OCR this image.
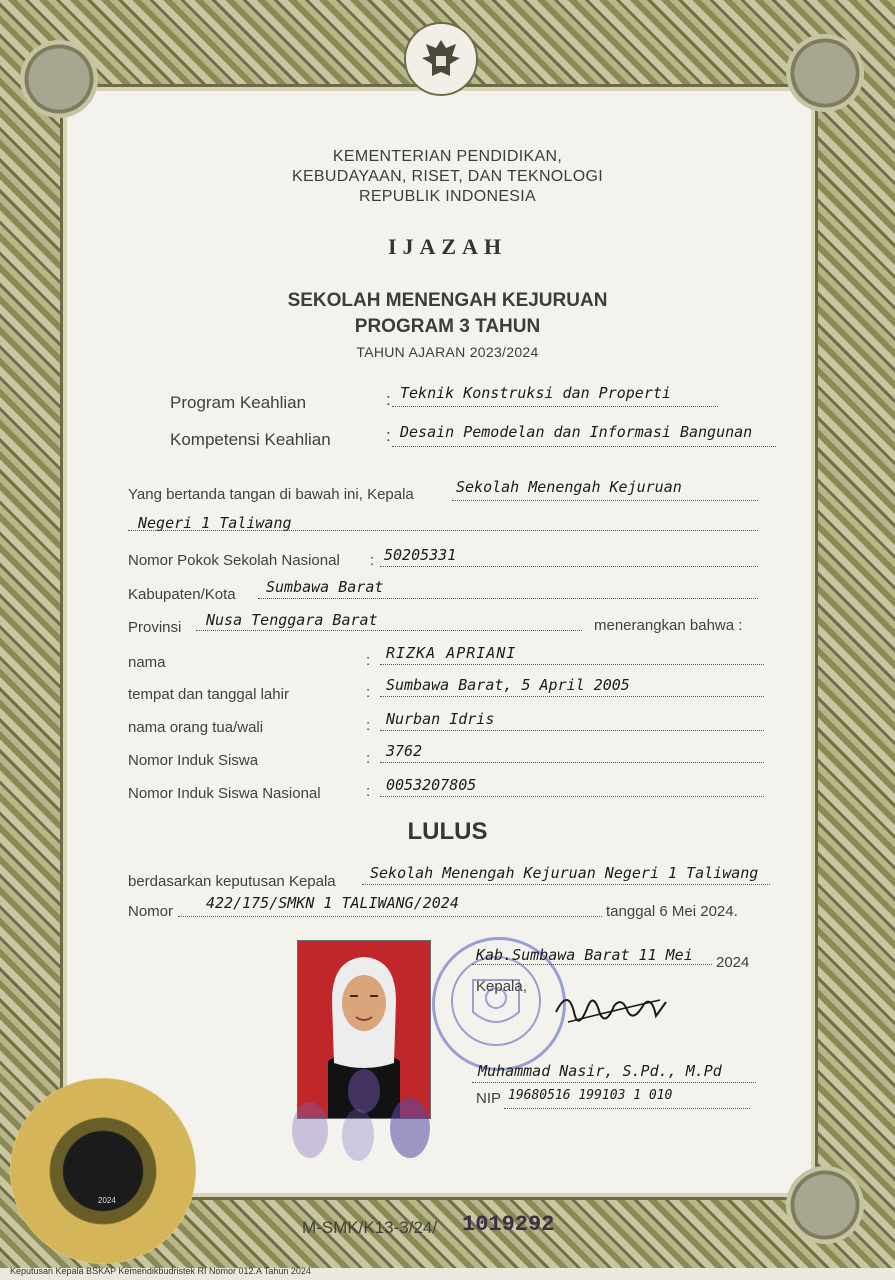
KEMENTERIAN PENDIDIKAN,
KEBUDAYAAN, RISET, DAN TEKNOLOGI
REPUBLIK INDONESIA
IJAZAH
SEKOLAH MENENGAH KEJURUAN
PROGRAM 3 TAHUN
TAHUN AJARAN 2023/2024
Program Keahlian	: Teknik Konstruksi dan Properti
Kompetensi Keahlian	: Desain Pemodelan dan Informasi Bangunan
Yang bertanda tangan di bawah ini, Kepala	Sekolah Menengah Kejuruan
Negeri 1 Taliwang
Nomor Pokok Sekolah Nasional : 50205331
Kabupaten/Kota Sumbawa Barat
Provinsi Nusa Tenggara Barat	menerangkan bahwa :
nama	: RIZKA APRIANI
tempat dan tanggal lahir	: Sumbawa Barat, 5 April 2005
nama orang tua/wali	: Nurban Idris
Nomor Induk Siswa	: 3762
Nomor Induk Siswa Nasional	: 0053207805
LULUS
berdasarkan keputusan Kepala Sekolah Menengah Kejuruan Negeri 1 Taliwang
Nomor 422/175/SMKN 1 TALIWANG/2024	tanggal 6 Mei 2024.
Kab.Sumbawa Barat 11 Mei 2024
Kepala,
Muhammad Nasir, S.Pd., M.Pd
NIP 19680516 199103 1 010
2024
M-SMK/K13-3/24/ 1019292
Keputusan Kepala BSKAP Kemendikbudristek RI Nomor 012.A Tahun 2024
